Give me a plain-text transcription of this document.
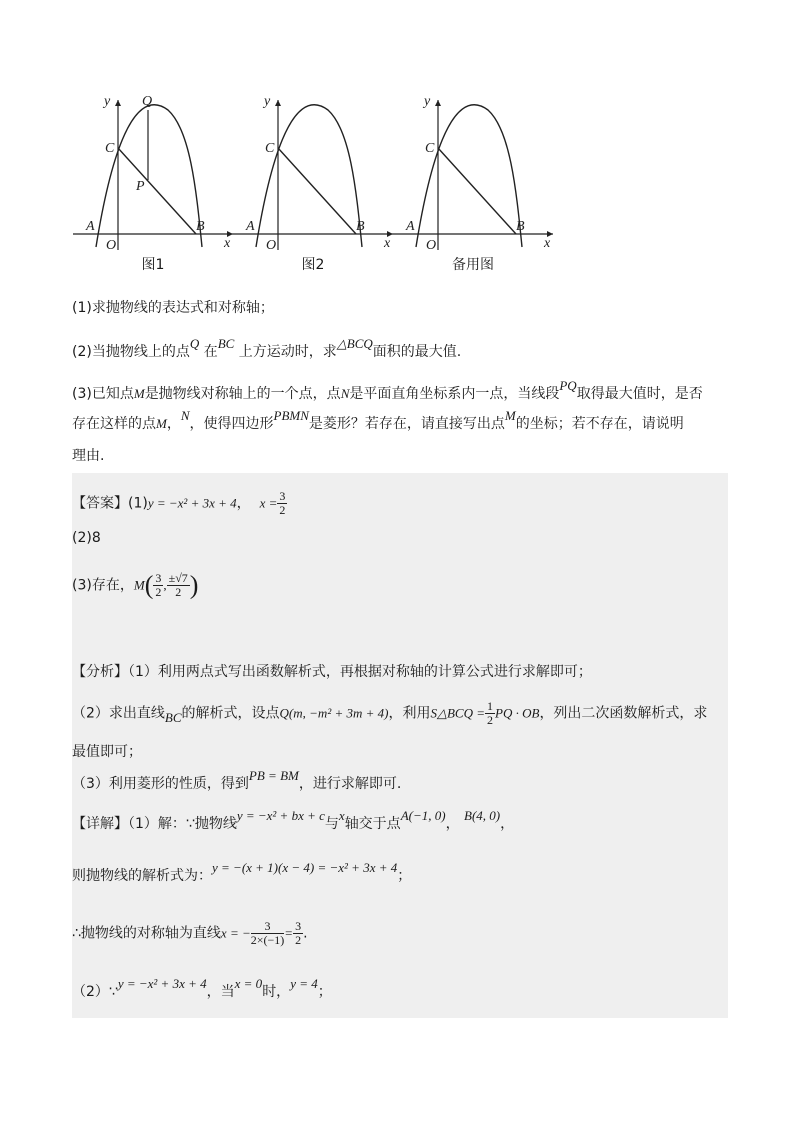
y
x
O
A	B
C
P
Q
图1
y
x
O
A	B
C
图2
y
x
O
A	B
C
备用图
(1)求抛物线的表达式和对称轴；
(2)当抛物线上的点Q 在BC 上方运动时，求△BCQ面积的最大值.
(3)已知点M是抛物线对称轴上的一个点，点N是平面直角坐标系内一点，当线段PQ取得最大值时，是否
存在这样的点M，N，使得四边形PBMN是菱形？若存在，请直接写出点M的坐标；若不存在，请说明
理由.
【答案】(1)y = −x² + 3x + 4， $x = \frac{3}{2}$
(2)8
(3)存在，$M( \frac{3}{2}$ , $\frac{\pm√7}{2}$ )
【分析】（1）利用两点式写出函数解析式，再根据对称轴的计算公式进行求解即可；
（2）求出直线BC的解析式，设点Q(m, −m² + 3m + 4)，利用S△BCQ = $\frac{1}{2}$ PQ · OB，列出二次函数解析式，求
最值即可；
（3）利用菱形的性质，得到PB = BM，进行求解即可.
【详解】（1）解：∵抛物线y = −x² + bx + c与x轴交于点A(−1, 0)， B(4, 0)，
则抛物线的解析式为：y = −(x + 1)(x − 4) = −x² + 3x + 4；
∴抛物线的对称轴为直线x = − $\frac{3}{2\times(-1)} = \frac{3}{2}$ .
（2）∵y = −x² + 3x + 4，当x = 0时，y = 4；
